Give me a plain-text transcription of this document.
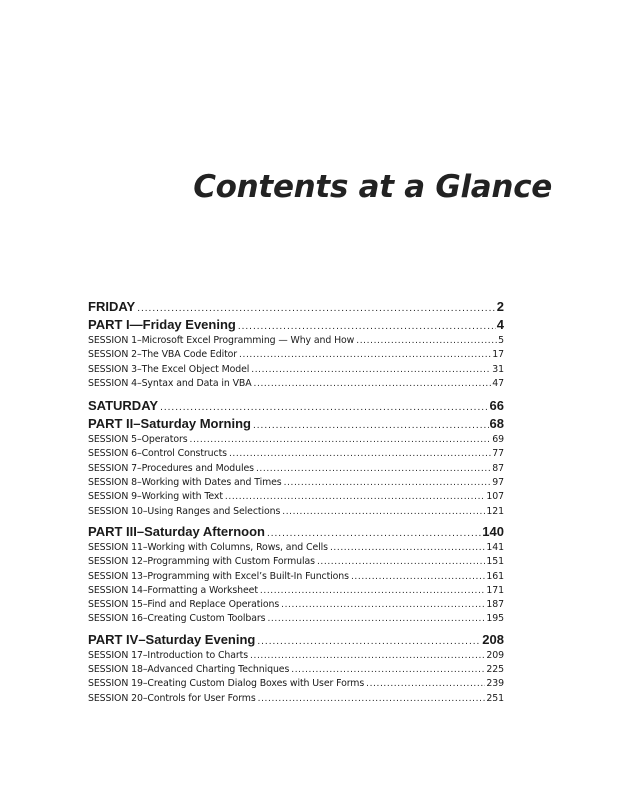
Contents at a Glance
FRIDAY .....	2
PART I—Friday Evening .....	4
SESSION 1–Microsoft Excel Programming — Why and How .....	5
SESSION 2–The VBA Code Editor .....	17
SESSION 3–The Excel Object Model .....	31
SESSION 4–Syntax and Data in VBA .....	47
SATURDAY .....	66
PART II–Saturday Morning .....	68
SESSION 5–Operators .....	69
SESSION 6–Control Constructs .....	77
SESSION 7–Procedures and Modules .....	87
SESSION 8–Working with Dates and Times .....	97
SESSION 9–Working with Text .....	107
SESSION 10–Using Ranges and Selections .....	121
PART III–Saturday Afternoon .....	140
SESSION 11–Working with Columns, Rows, and Cells .....	141
SESSION 12–Programming with Custom Formulas .....	151
SESSION 13–Programming with Excel’s Built-In Functions .....	161
SESSION 14–Formatting a Worksheet .....	171
SESSION 15–Find and Replace Operations .....	187
SESSION 16–Creating Custom Toolbars .....	195
PART IV–Saturday Evening .....	208
SESSION 17–Introduction to Charts .....	209
SESSION 18–Advanced Charting Techniques .....	225
SESSION 19–Creating Custom Dialog Boxes with User Forms .....	239
SESSION 20–Controls for User Forms .....	251
